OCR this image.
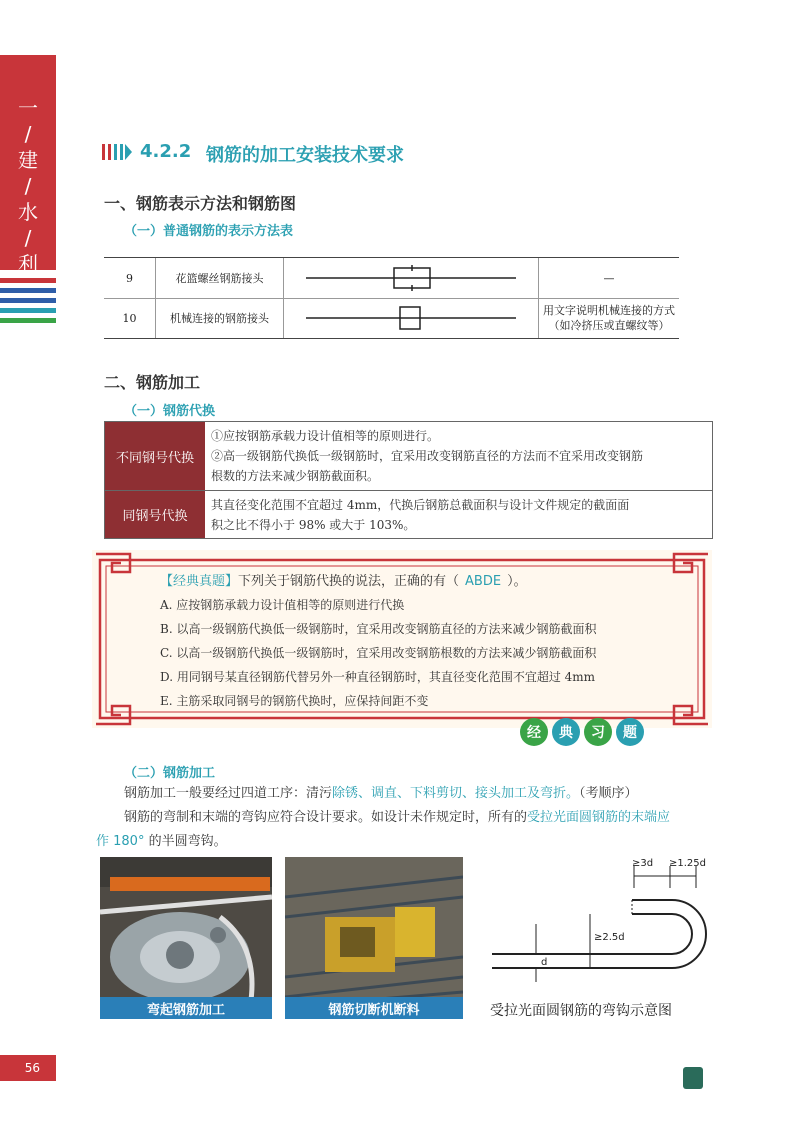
一
/
建
/
水
/
利
56
4.2.2 钢筋的加工安装技术要求
一、钢筋表示方法和钢筋图
（一）普通钢筋的表示方法表
9	花篮螺丝钢筋接头	—
10	机械连接的钢筋接头
用文字说明机械连接的方式
（如冷挤压或直螺纹等）
二、钢筋加工
（一）钢筋代换
不同钢号代换
①应按钢筋承载力设计值相等的原则进行。
②高一级钢筋代换低一级钢筋时，宜采用改变钢筋直径的方法而不宜采用改变钢筋
根数的方法来减少钢筋截面积。
同钢号代换
其直径变化范围不宜超过 4mm，代换后钢筋总截面积与设计文件规定的截面面
积之比不得小于 98% 或大于 103%。
【经典真题】下列关于钢筋代换的说法，正确的有（ ABDE ）。
A. 应按钢筋承载力设计值相等的原则进行代换
B. 以高一级钢筋代换低一级钢筋时，宜采用改变钢筋直径的方法来减少钢筋截面积
C. 以高一级钢筋代换低一级钢筋时，宜采用改变钢筋根数的方法来减少钢筋截面积
D. 用同钢号某直径钢筋代替另外一种直径钢筋时，其直径变化范围不宜超过 4mm
E. 主筋采取同钢号的钢筋代换时，应保持间距不变
经	典	习	题
（二）钢筋加工
钢筋加工一般要经过四道工序：清污除锈、调直、下料剪切、接头加工及弯折。（考顺序）
钢筋的弯制和末端的弯钩应符合设计要求。如设计未作规定时，所有的受拉光面圆钢筋的末端应
作 180° 的半圆弯钩。
弯起钢筋加工	钢筋切断机断料
≥3d ≥1.25d
≥2.5d
d
受拉光面圆钢筋的弯钩示意图
